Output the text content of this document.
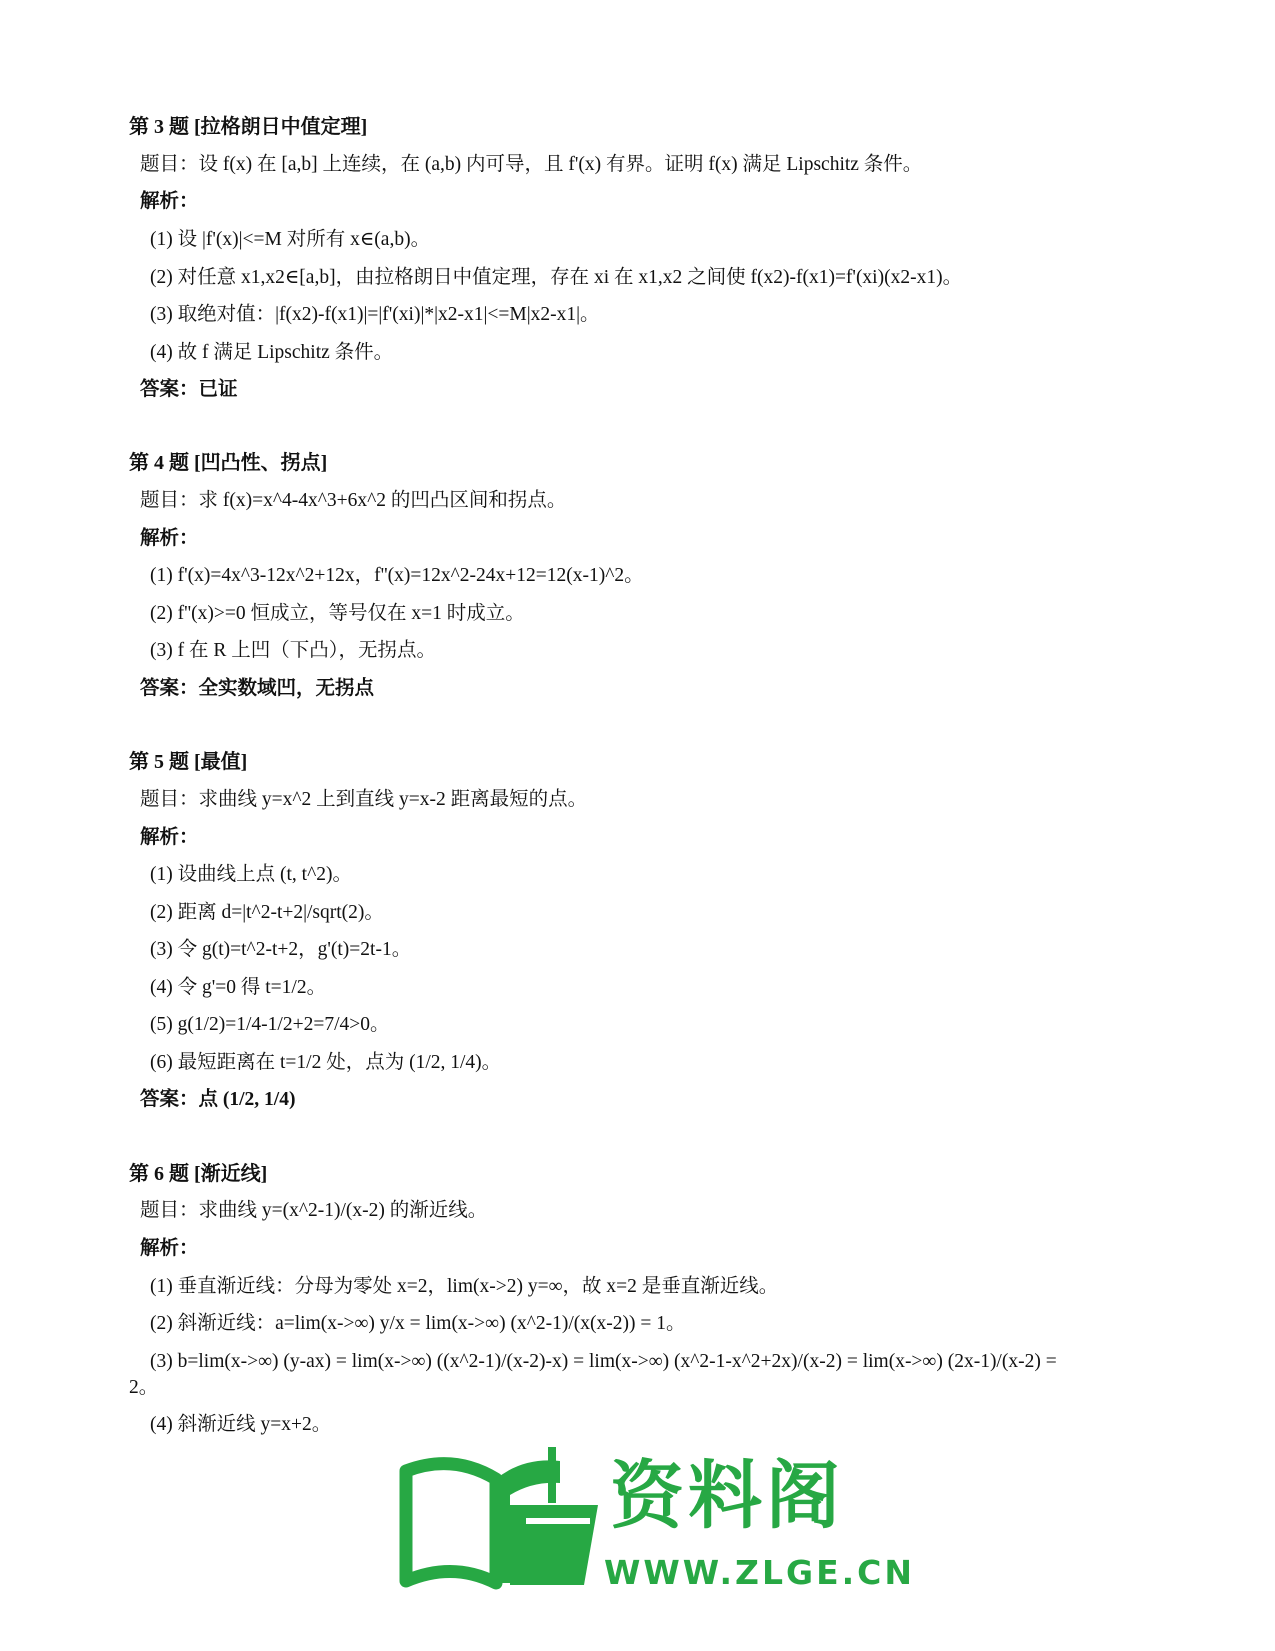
第 3 题 [拉格朗日中值定理]
题目：设 f(x) 在 [a,b] 上连续，在 (a,b) 内可导，且 f'(x) 有界。证明 f(x) 满足 Lipschitz 条件。
解析：
(1) 设 |f'(x)|<=M 对所有 x∈(a,b)。
(2) 对任意 x1,x2∈[a,b]，由拉格朗日中值定理，存在 xi 在 x1,x2 之间使 f(x2)-f(x1)=f'(xi)(x2-x1)。
(3) 取绝对值：|f(x2)-f(x1)|=|f'(xi)|*|x2-x1|<=M|x2-x1|。
(4) 故 f 满足 Lipschitz 条件。
答案：已证
第 4 题 [凹凸性、拐点]
题目：求 f(x)=x^4-4x^3+6x^2 的凹凸区间和拐点。
解析：
(1) f'(x)=4x^3-12x^2+12x，f''(x)=12x^2-24x+12=12(x-1)^2。
(2) f''(x)>=0 恒成立，等号仅在 x=1 时成立。
(3) f 在 R 上凹（下凸），无拐点。
答案：全实数域凹，无拐点
第 5 题 [最值]
题目：求曲线 y=x^2 上到直线 y=x-2 距离最短的点。
解析：
(1) 设曲线上点 (t, t^2)。
(2) 距离 d=|t^2-t+2|/sqrt(2)。
(3) 令 g(t)=t^2-t+2，g'(t)=2t-1。
(4) 令 g'=0 得 t=1/2。
(5) g(1/2)=1/4-1/2+2=7/4>0。
(6) 最短距离在 t=1/2 处，点为 (1/2, 1/4)。
答案：点 (1/2, 1/4)
第 6 题 [渐近线]
题目：求曲线 y=(x^2-1)/(x-2) 的渐近线。
解析：
(1) 垂直渐近线：分母为零处 x=2，lim(x->2) y=∞，故 x=2 是垂直渐近线。
(2) 斜渐近线：a=lim(x->∞) y/x = lim(x->∞) (x^2-1)/(x(x-2)) = 1。
(3) b=lim(x->∞) (y-ax) = lim(x->∞) ((x^2-1)/(x-2)-x) = lim(x->∞) (x^2-1-x^2+2x)/(x-2) = lim(x->∞) (2x-1)/(x-2) =
2。
(4) 斜渐近线 y=x+2。
资料阁
WWW.ZLGE.CN
